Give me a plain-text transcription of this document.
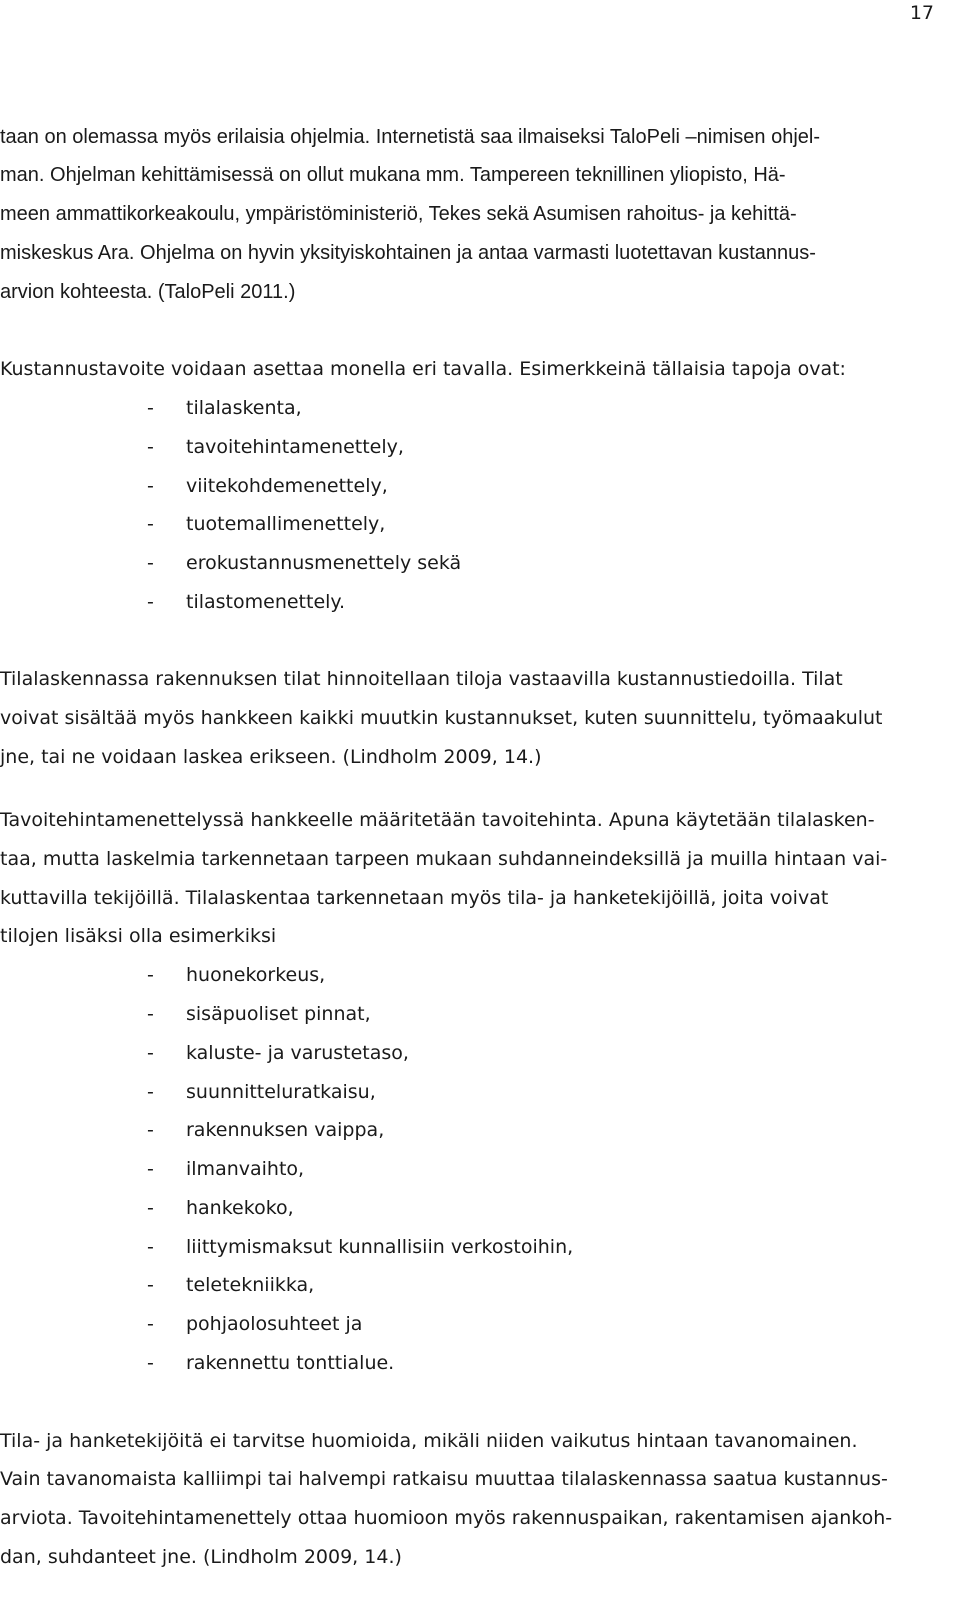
17
taan on olemassa myös erilaisia ohjelmia. Internetistä saa ilmaiseksi TaloPeli –nimisen ohjel-
man. Ohjelman kehittämisessä on ollut mukana mm. Tampereen teknillinen yliopisto, Hä-
meen ammattikorkeakoulu, ympäristöministeriö, Tekes sekä Asumisen rahoitus- ja kehittä-
miskeskus Ara. Ohjelma on hyvin yksityiskohtainen ja antaa varmasti luotettavan kustannus-
arvion kohteesta. (TaloPeli 2011.)
Kustannustavoite voidaan asettaa monella eri tavalla. Esimerkkeinä tällaisia tapoja ovat:
- tilalaskenta,
- tavoitehintamenettely,
- viitekohdemenettely,
- tuotemallimenettely,
- erokustannusmenettely sekä
- tilastomenettely.
Tilalaskennassa rakennuksen tilat hinnoitellaan tiloja vastaavilla kustannustiedoilla. Tilat
voivat sisältää myös hankkeen kaikki muutkin kustannukset, kuten suunnittelu, työmaakulut
jne, tai ne voidaan laskea erikseen. (Lindholm 2009, 14.)
Tavoitehintamenettelyssä hankkeelle määritetään tavoitehinta. Apuna käytetään tilalasken-
taa, mutta laskelmia tarkennetaan tarpeen mukaan suhdanneindeksillä ja muilla hintaan vai-
kuttavilla tekijöillä. Tilalaskentaa tarkennetaan myös tila- ja hanketekijöillä, joita voivat
tilojen lisäksi olla esimerkiksi
- huonekorkeus,
- sisäpuoliset pinnat,
- kaluste- ja varustetaso,
- suunnitteluratkaisu,
- rakennuksen vaippa,
- ilmanvaihto,
- hankekoko,
- liittymismaksut kunnallisiin verkostoihin,
- teletekniikka,
- pohjaolosuhteet ja
- rakennettu tonttialue.
Tila- ja hanketekijöitä ei tarvitse huomioida, mikäli niiden vaikutus hintaan tavanomainen.
Vain tavanomaista kalliimpi tai halvempi ratkaisu muuttaa tilalaskennassa saatua kustannus-
arviota. Tavoitehintamenettely ottaa huomioon myös rakennuspaikan, rakentamisen ajankoh-
dan, suhdanteet jne. (Lindholm 2009, 14.)
